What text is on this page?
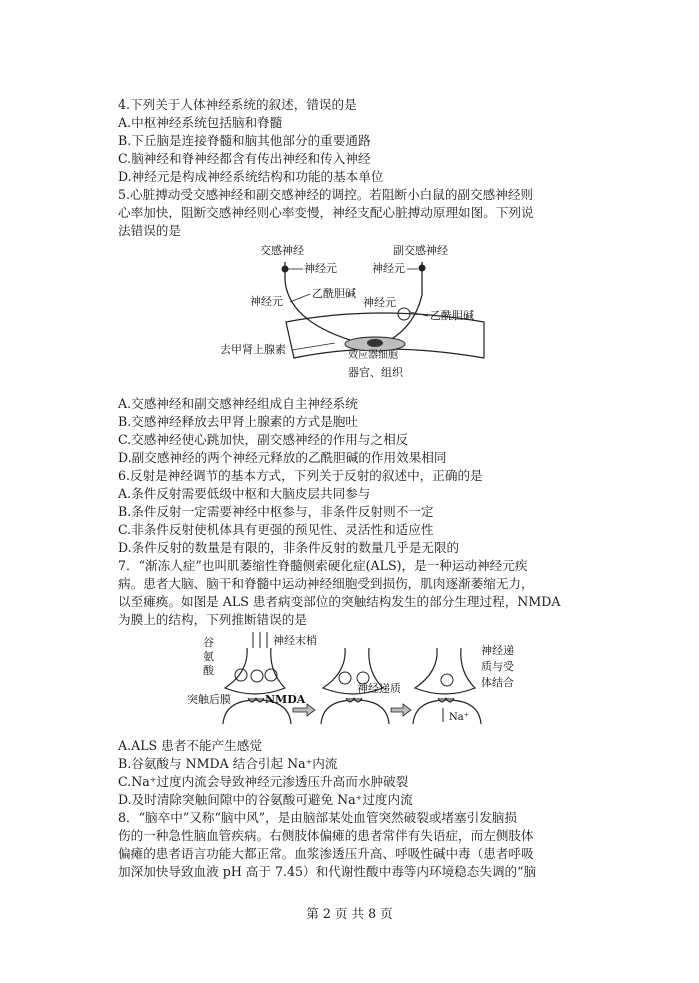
4.下列关于人体神经系统的叙述，错误的是
A.中枢神经系统包括脑和脊髓
B.下丘脑是连接脊髓和脑其他部分的重要通路
C.脑神经和脊神经都含有传出神经和传入神经
D.神经元是构成神经系统结构和功能的基本单位
5.心脏搏动受交感神经和副交感神经的调控。若阻断小白鼠的副交感神经则
心率加快，阻断交感神经则心率变慢，神经支配心脏搏动原理如图。下列说
法错误的是
交感神经	副交感神经
神经元	神经元
乙酰胆碱
神经元	神经元
乙酰胆碱
去甲肾上腺素	效应器细胞
器官、组织
A.交感神经和副交感神经组成自主神经系统
B.交感神经释放去甲肾上腺素的方式是胞吐
C.交感神经使心跳加快，副交感神经的作用与之相反
D.副交感神经的两个神经元释放的乙酰胆碱的作用效果相同
6.反射是神经调节的基本方式，下列关于反射的叙述中，正确的是
A.条件反射需要低级中枢和大脑皮层共同参与
B.条件反射一定需要神经中枢参与，非条件反射则不一定
C.非条件反射使机体具有更强的预见性、灵活性和适应性
D.条件反射的数量是有限的，非条件反射的数量几乎是无限的
7．“渐冻人症”也叫肌萎缩性脊髓侧索硬化症(ALS)，是一种运动神经元疾
病。患者大脑、脑干和脊髓中运动神经细胞受到损伤，肌肉逐渐萎缩无力，
以至瘫痪。如图是 ALS 患者病变部位的突触结构发生的部分生理过程，NMDA
为膜上的结构，下列推断错误的是
谷
氨
酸
神经末梢
突触后膜	NMDA
神经递质
Na⁺
神经递
质与受
体结合
A.ALS 患者不能产生感觉
B.谷氨酸与 NMDA 结合引起 Na⁺内流
C.Na⁺过度内流会导致神经元渗透压升高而水肿破裂
D.及时清除突触间隙中的谷氨酸可避免 Na⁺过度内流
8．“脑卒中”又称“脑中风”，是由脑部某处血管突然破裂或堵塞引发脑损
伤的一种急性脑血管疾病。右侧肢体偏瘫的患者常伴有失语症，而左侧肢体
偏瘫的患者语言功能大都正常。血浆渗透压升高、呼吸性碱中毒（患者呼吸
加深加快导致血液 pH 高于 7.45）和代谢性酸中毒等内环境稳态失调的“脑
第 2 页 共 8 页
